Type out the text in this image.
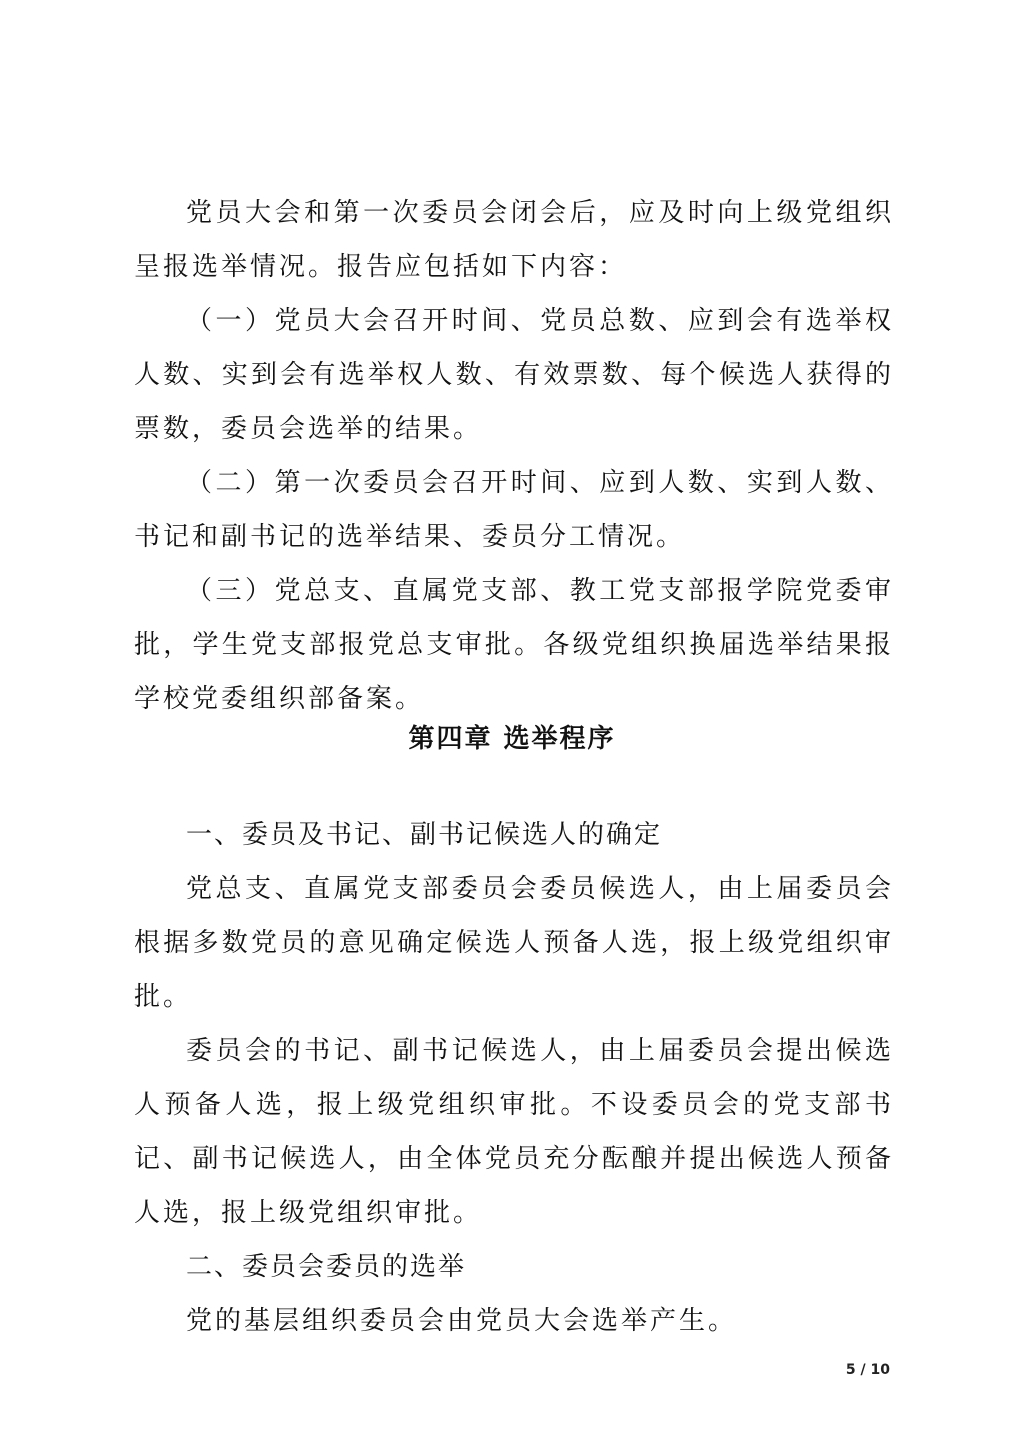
党员大会和第一次委员会闭会后，应及时向上级党组织呈报选举情况。报告应包括如下内容：

（一）党员大会召开时间、党员总数、应到会有选举权人数、实到会有选举权人数、有效票数、每个候选人获得的票数，委员会选举的结果。

（二）第一次委员会召开时间、应到人数、实到人数、书记和副书记的选举结果、委员分工情况。

（三）党总支、直属党支部、教工党支部报学院党委审批，学生党支部报党总支审批。各级党组织换届选举结果报学校党委组织部备案。

第四章 选举程序

一、委员及书记、副书记候选人的确定

党总支、直属党支部委员会委员候选人，由上届委员会根据多数党员的意见确定候选人预备人选，报上级党组织审批。

委员会的书记、副书记候选人，由上届委员会提出候选人预备人选，报上级党组织审批。不设委员会的党支部书记、副书记候选人，由全体党员充分酝酿并提出候选人预备人选，报上级党组织审批。

二、委员会委员的选举

党的基层组织委员会由党员大会选举产生。

5 / 10
